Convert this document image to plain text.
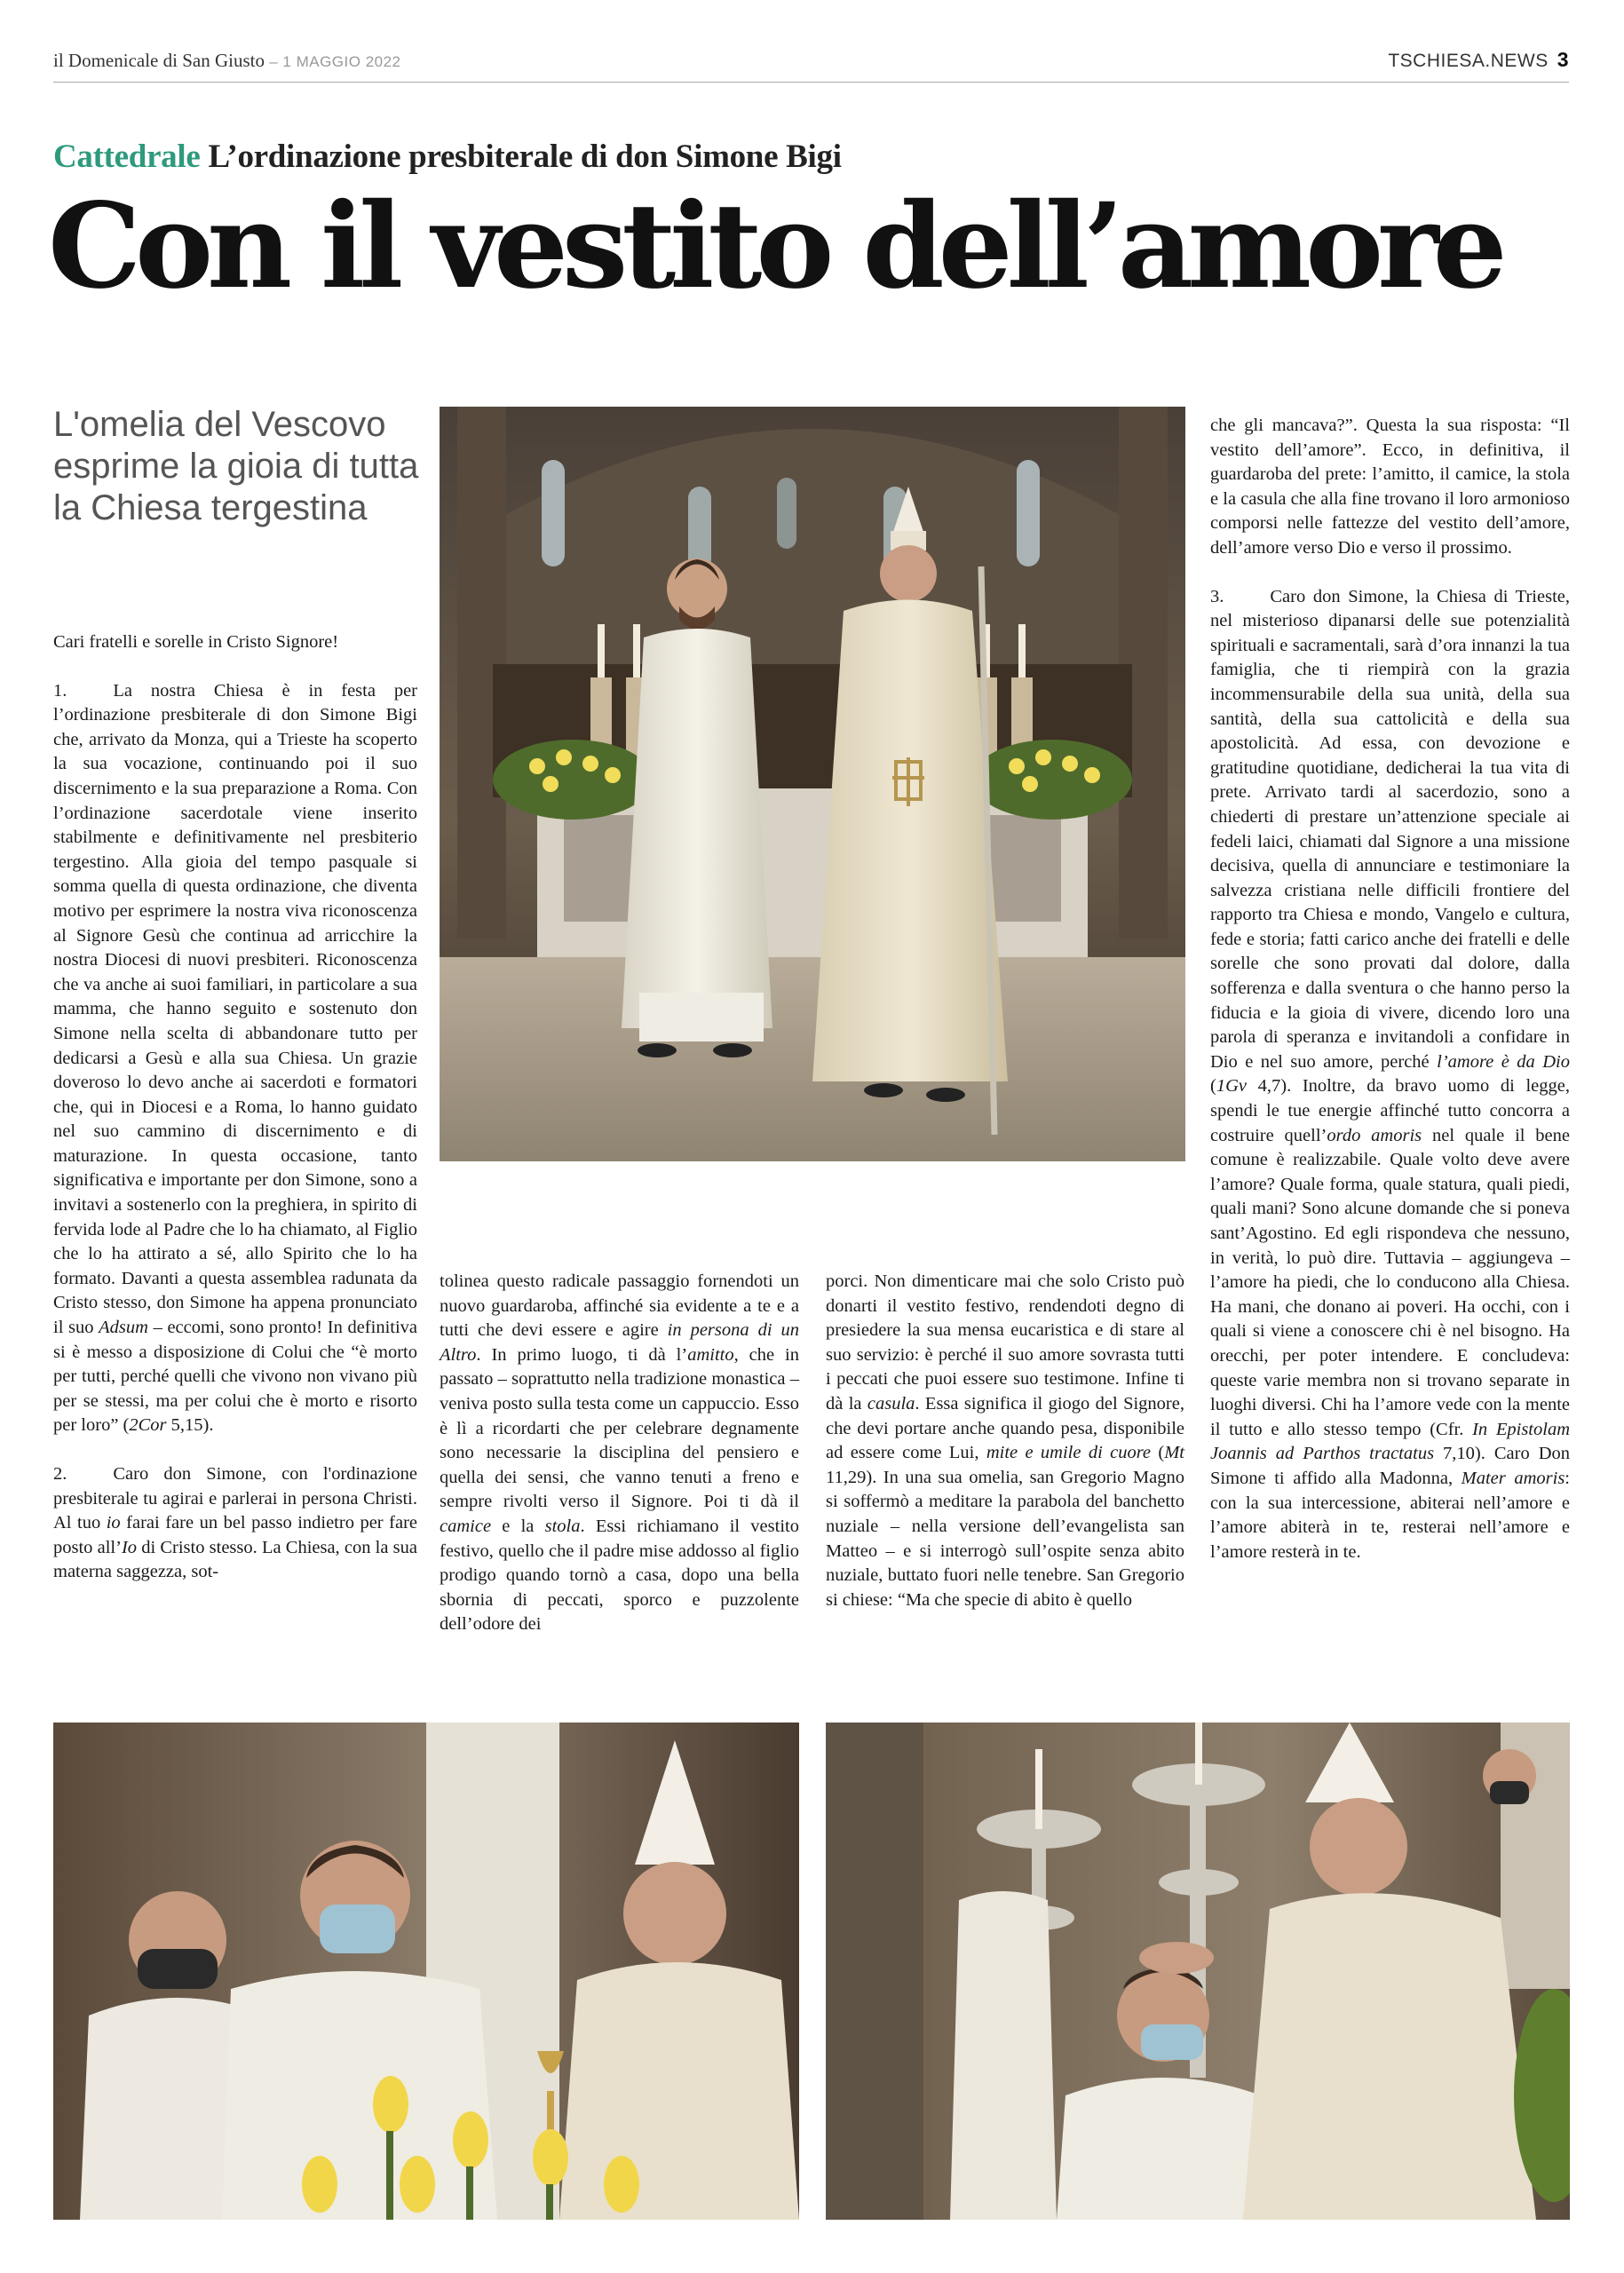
il Domenicale di San Giusto – 1 MAGGIO 2022	TSCHIESA.NEWS 3
Cattedrale L’ordinazione presbiterale di don Simone Bigi
Con il vestito dell’amore
L'omelia del Vescovo esprime la gioia di tutta la Chiesa tergestina

Cari fratelli e sorelle in Cristo Signore!

1.	La nostra Chiesa è in festa per l’ordinazione presbiterale di don Simone Bigi che, arrivato da Monza, qui a Trieste ha scoperto la sua vocazione, continuando poi il suo discernimento e la sua preparazione a Roma. Con l’ordinazione sacerdotale viene inserito stabilmente e definitivamente nel presbiterio tergestino. Alla gioia del tempo pasquale si somma quella di questa ordinazione, che diventa motivo per esprimere la nostra viva riconoscenza al Signore Gesù che continua ad arricchire la nostra Diocesi di nuovi presbiteri. Riconoscenza che va anche ai suoi familiari, in particolare a sua mamma, che hanno seguito e sostenuto don Simone nella scelta di abbandonare tutto per dedicarsi a Gesù e alla sua Chiesa. Un grazie doveroso lo devo anche ai sacerdoti e formatori che, qui in Diocesi e a Roma, lo hanno guidato nel suo cammino di discernimento e di maturazione. In questa occasione, tanto significativa e importante per don Simone, sono a invitavi a sostenerlo con la preghiera, in spirito di fervida lode al Padre che lo ha chiamato, al Figlio che lo ha attirato a sé, allo Spirito che lo ha formato. Davanti a questa assemblea radunata da Cristo stesso, don Simone ha appena pronunciato il suo Adsum – eccomi, sono pronto! In definitiva si è messo a disposizione di Colui che “è morto per tutti, perché quelli che vivono non vivano più per se stessi, ma per colui che è morto e risorto per loro” (2Cor 5,15).

2.	Caro don Simone, con l'ordinazione presbiterale tu agirai e parlerai in persona Christi. Al tuo io farai fare un bel passo indietro per fare posto all’Io di Cristo stesso. La Chiesa, con la sua materna saggezza, sot-

tolinea questo radicale passaggio fornendoti un nuovo guardaroba, affinché sia evidente a te e a tutti che devi essere e agire in persona di un Altro. In primo luogo, ti dà l’amitto, che in passato – soprattutto nella tradizione monastica – veniva posto sulla testa come un cappuccio. Esso è lì a ricordarti che per celebrare degnamente sono necessarie la disciplina del pensiero e quella dei sensi, che vanno tenuti a freno e sempre rivolti verso il Signore. Poi ti dà il camice e la stola. Essi richiamano il vestito festivo, quello che il padre mise addosso al figlio prodigo quando tornò a casa, dopo una bella sbornia di peccati, sporco e puzzolente dell’odore dei

porci. Non dimenticare mai che solo Cristo può donarti il vestito festivo, rendendoti degno di presiedere la sua mensa eucaristica e di stare al suo servizio: è perché il suo amore sovrasta tutti i peccati che puoi essere suo testimone. Infine ti dà la casula. Essa significa il giogo del Signore, che devi portare anche quando pesa, disponibile ad essere come Lui, mite e umile di cuore (Mt 11,29). In una sua omelia, san Gregorio Magno si soffermò a meditare la parabola del banchetto nuziale – nella versione dell’evangelista san Matteo – e si interrogò sull’ospite senza abito nuziale, buttato fuori nelle tenebre. San Gregorio si chiese: “Ma che specie di abito è quello

che gli mancava?”. Questa la sua risposta: “Il vestito dell’amore”. Ecco, in definitiva, il guardaroba del prete: l’amitto, il camice, la stola e la casula che alla fine trovano il loro armonioso comporsi nelle fattezze del vestito dell’amore, dell’amore verso Dio e verso il prossimo.

3.	Caro don Simone, la Chiesa di Trieste, nel misterioso dipanarsi delle sue potenzialità spirituali e sacramentali, sarà d’ora innanzi la tua famiglia, che ti riempirà con la grazia incommensurabile della sua unità, della sua santità, della sua cattolicità e della sua apostolicità. Ad essa, con devozione e gratitudine quotidiane, dedicherai la tua vita di prete. Arrivato tardi al sacerdozio, sono a chiederti di prestare un’attenzione speciale ai fedeli laici, chiamati dal Signore a una missione decisiva, quella di annunciare e testimoniare la salvezza cristiana nelle difficili frontiere del rapporto tra Chiesa e mondo, Vangelo e cultura, fede e storia; fatti carico anche dei fratelli e delle sorelle che sono provati dal dolore, dalla sofferenza e dalla sventura o che hanno perso la fiducia e la gioia di vivere, dicendo loro una parola di speranza e invitandoli a confidare in Dio e nel suo amore, perché l’amore è da Dio (1Gv 4,7). Inoltre, da bravo uomo di legge, spendi le tue energie affinché tutto concorra a costruire quell’ordo amoris nel quale il bene comune è realizzabile. Quale volto deve avere l’amore? Quale forma, quale statura, quali piedi, quali mani? Sono alcune domande che si poneva sant’Agostino. Ed egli rispondeva che nessuno, in verità, lo può dire. Tuttavia – aggiungeva – l’amore ha piedi, che lo conducono alla Chiesa. Ha mani, che donano ai poveri. Ha occhi, con i quali si viene a conoscere chi è nel bisogno. Ha orecchi, per poter intendere. E concludeva: queste varie membra non si trovano separate in luoghi diversi. Chi ha l’amore vede con la mente il tutto e allo stesso tempo (Cfr. In Epistolam Joannis ad Parthos tractatus 7,10). Caro Don Simone ti affido alla Madonna, Mater amoris: con la sua intercessione, abiterai nell’amore e l’amore abiterà in te, resterai nell’amore e l’amore resterà in te.
